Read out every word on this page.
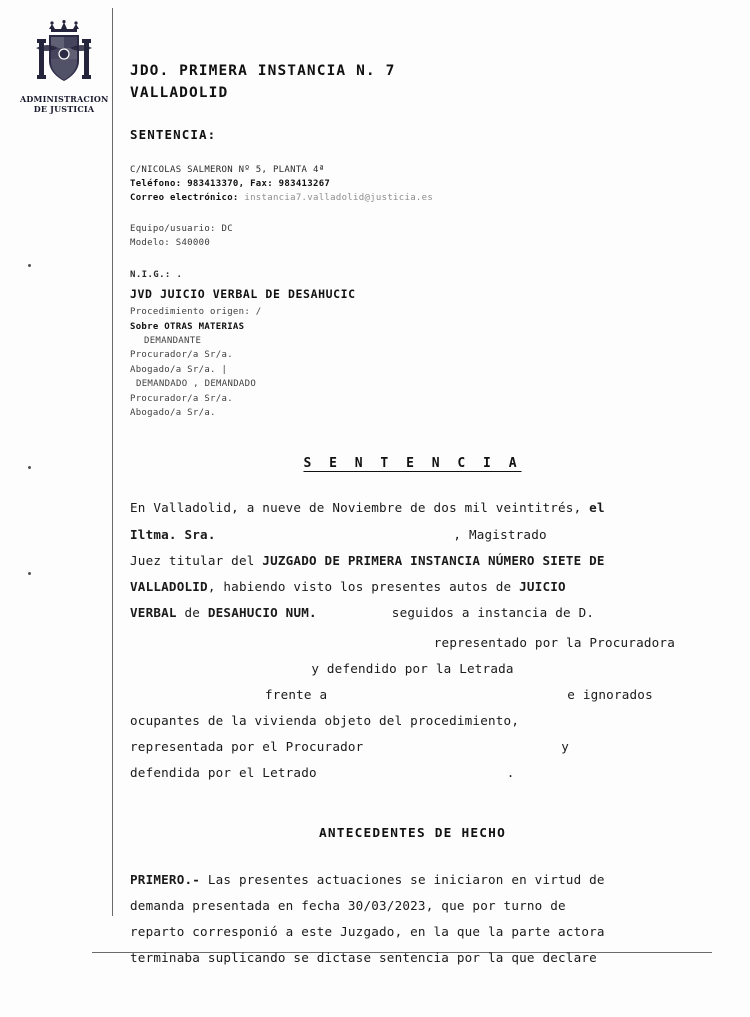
ADMINISTRACION
DE JUSTICIA
JDO. PRIMERA INSTANCIA N. 7
VALLADOLID
SENTENCIA:
C/NICOLAS SALMERON Nº 5, PLANTA 4ª
Teléfono: 983413370, Fax: 983413267
Correo electrónico: instancia7.valladolid@justicia.es
Equipo/usuario: DC
Modelo: S40000
N.I.G.: .
JVD JUICIO VERBAL DE DESAHUCIC
Procedimiento origen: /
Sobre OTRAS MATERIAS
DEMANDANTE
Procurador/a Sr/a.
Abogado/a Sr/a. |
DEMANDADO , DEMANDADO
Procurador/a Sr/a.
Abogado/a Sr/a.
S E N T E N C I A
En Valladolid, a nueve de Noviembre de dos mil veintitrés, el
Iltma. Sra.	, Magistrado
Juez titular del JUZGADO DE PRIMERA INSTANCIA NÚMERO SIETE DE
VALLADOLID, habiendo visto los presentes autos de JUICIO
VERBAL de DESAHUCIO NUM.	seguidos a instancia de D.
representado por la Procuradora
y defendido por la Letrada
frente a	e ignorados
ocupantes de la vivienda objeto del procedimiento,
representada por el Procurador	y
defendida por el Letrado	.
ANTECEDENTES DE HECHO
PRIMERO.- Las presentes actuaciones se iniciaron en virtud de
demanda presentada en fecha 30/03/2023, que por turno de
reparto corresponió a este Juzgado, en la que la parte actora
terminaba suplicando se dictase sentencia por la que declare
